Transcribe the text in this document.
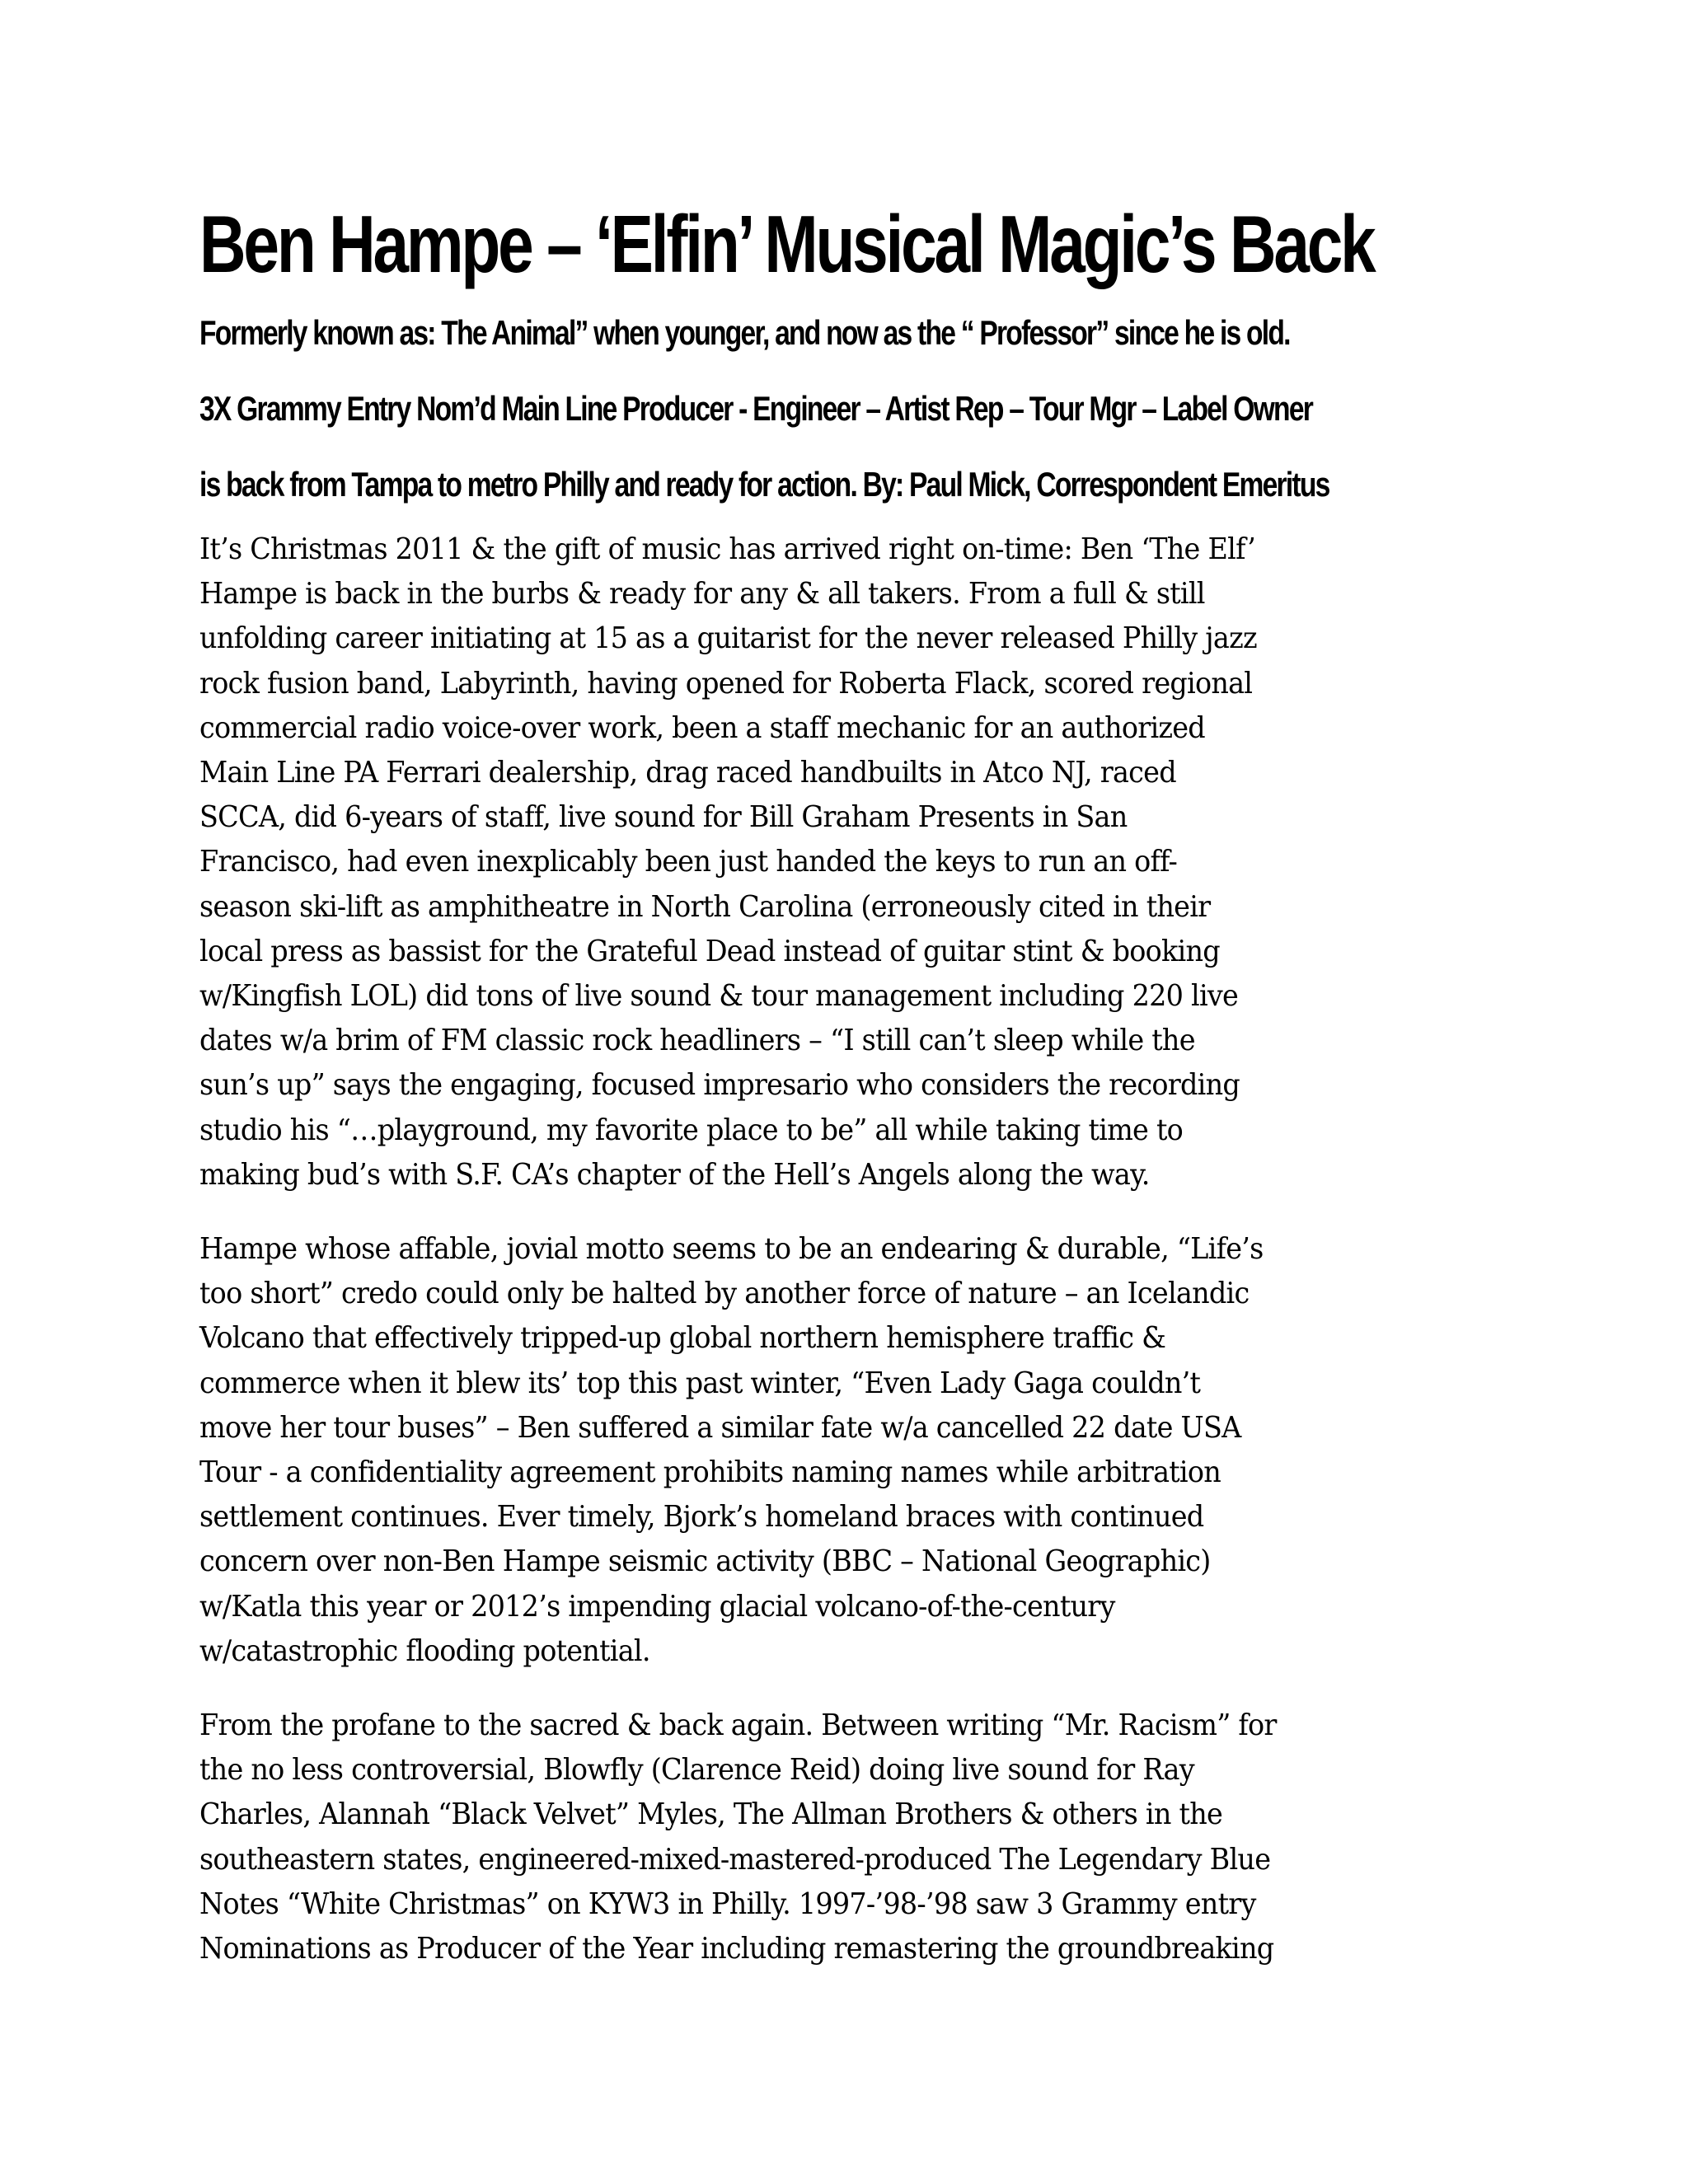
Ben Hampe – ‘Elfin’ Musical Magic’s Back
Formerly known as: The Animal” when younger, and now as the “ Professor” since he is old.
3X Grammy Entry Nom’d Main Line Producer - Engineer – Artist Rep – Tour Mgr – Label Owner
is back from Tampa to metro Philly and ready for action. By: Paul Mick, Correspondent Emeritus

It’s Christmas 2011 & the gift of music has arrived right on-time: Ben ‘The Elf’
Hampe is back in the burbs & ready for any & all takers. From a full & still
unfolding career initiating at 15 as a guitarist for the never released Philly jazz
rock fusion band, Labyrinth, having opened for Roberta Flack, scored regional
commercial radio voice-over work, been a staff mechanic for an authorized
Main Line PA Ferrari dealership, drag raced handbuilts in Atco NJ, raced
SCCA, did 6-years of staff, live sound for Bill Graham Presents in San
Francisco, had even inexplicably been just handed the keys to run an off-
season ski-lift as amphitheatre in North Carolina (erroneously cited in their
local press as bassist for the Grateful Dead instead of guitar stint & booking
w/Kingfish LOL) did tons of live sound & tour management including 220 live
dates w/a brim of FM classic rock headliners – “I still can’t sleep while the
sun’s up” says the engaging, focused impresario who considers the recording
studio his “…playground, my favorite place to be” all while taking time to
making bud’s with S.F. CA’s chapter of the Hell’s Angels along the way.

Hampe whose affable, jovial motto seems to be an endearing & durable, “Life’s
too short” credo could only be halted by another force of nature – an Icelandic
Volcano that effectively tripped-up global northern hemisphere traffic &
commerce when it blew its’ top this past winter, “Even Lady Gaga couldn’t
move her tour buses” – Ben suffered a similar fate w/a cancelled 22 date USA
Tour - a confidentiality agreement prohibits naming names while arbitration
settlement continues. Ever timely, Bjork’s homeland braces with continued
concern over non-Ben Hampe seismic activity (BBC – National Geographic)
w/Katla this year or 2012’s impending glacial volcano-of-the-century
w/catastrophic flooding potential.

From the profane to the sacred & back again. Between writing “Mr. Racism” for
the no less controversial, Blowfly (Clarence Reid) doing live sound for Ray
Charles, Alannah “Black Velvet” Myles, The Allman Brothers & others in the
southeastern states, engineered-mixed-mastered-produced The Legendary Blue
Notes “White Christmas” on KYW3 in Philly. 1997-’98-’98 saw 3 Grammy entry
Nominations as Producer of the Year including remastering the groundbreaking
